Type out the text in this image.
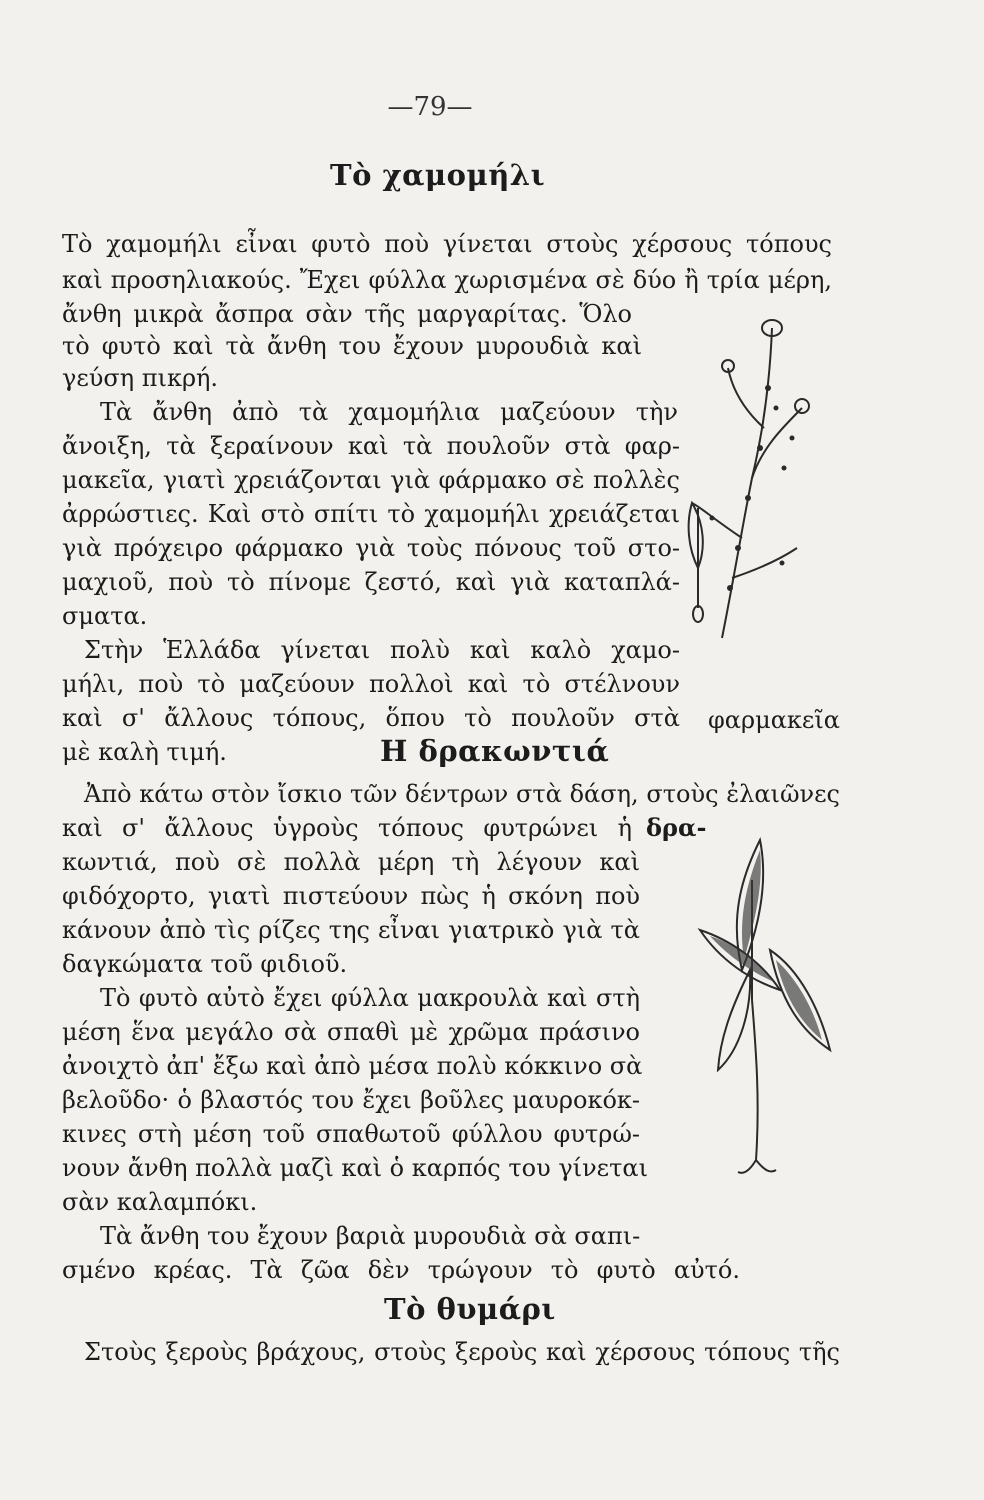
—79—
Τὸ χαμομήλι
Τὸ χαμομήλι εἶναι φυτὸ ποὺ γίνεται στοὺς χέρσους τόπους
καὶ προσηλιακούς. Ἔχει φύλλα χωρισμένα σὲ δύο ἢ τρία μέρη,
ἄνθη μικρὰ ἄσπρα σὰν τῆς μαργαρίτας. Ὅλο
τὸ φυτὸ καὶ τὰ ἄνθη του ἔχουν μυρουδιὰ καὶ
γεύση πικρή.
Τὰ ἄνθη ἀπὸ τὰ χαμομήλια μαζεύουν τὴν
ἄνοιξη, τὰ ξεραίνουν καὶ τὰ πουλοῦν στὰ φαρ-
μακεῖα, γιατὶ χρειάζονται γιὰ φάρμακο σὲ πολλὲς
ἀρρώστιες. Καὶ στὸ σπίτι τὸ χαμομήλι χρειάζεται
γιὰ πρόχειρο φάρμακο γιὰ τοὺς πόνους τοῦ στο-
μαχιοῦ, ποὺ τὸ πίνομε ζεστό, καὶ γιὰ καταπλά-
σματα.
Στὴν Ἑλλάδα γίνεται πολὺ καὶ καλὸ χαμο-
μήλι, ποὺ τὸ μαζεύουν πολλοὶ καὶ τὸ στέλνουν
καὶ σ' ἄλλους τόπους, ὅπου τὸ πουλοῦν στὰ
μὲ καλὴ τιμή.
φαρμακεῖα
Η δρακωντιά
Ἀπὸ κάτω στὸν ἴσκιο τῶν δέντρων στὰ δάση, στοὺς ἐλαιῶνες
καὶ σ' ἄλλους ὑγροὺς τόπους φυτρώνει ἡ δρα-
κωντιά, ποὺ σὲ πολλὰ μέρη τὴ λέγουν καὶ
φιδόχορτο, γιατὶ πιστεύουν πὼς ἡ σκόνη ποὺ
κάνουν ἀπὸ τὶς ρίζες της εἶναι γιατρικὸ γιὰ τὰ
δαγκώματα τοῦ φιδιοῦ.
Τὸ φυτὸ αὐτὸ ἔχει φύλλα μακρουλὰ καὶ στὴ
μέση ἕνα μεγάλο σὰ σπαθὶ μὲ χρῶμα πράσινο
ἀνοιχτὸ ἀπ' ἔξω καὶ ἀπὸ μέσα πολὺ κόκκινο σὰ
βελοῦδο· ὁ βλαστός του ἔχει βοῦλες μαυροκόκ-
κινες στὴ μέση τοῦ σπαθωτοῦ φύλλου φυτρώ-
νουν ἄνθη πολλὰ μαζὶ καὶ ὁ καρπός του γίνεται
σὰν καλαμπόκι.
Τὰ ἄνθη του ἔχουν βαριὰ μυρουδιὰ σὰ σαπι-
σμένο κρέας. Τὰ ζῶα δὲν τρώγουν τὸ φυτὸ αὐτό.
Τὸ θυμάρι
Στοὺς ξεροὺς βράχους, στοὺς ξεροὺς καὶ χέρσους τόπους τῆς
